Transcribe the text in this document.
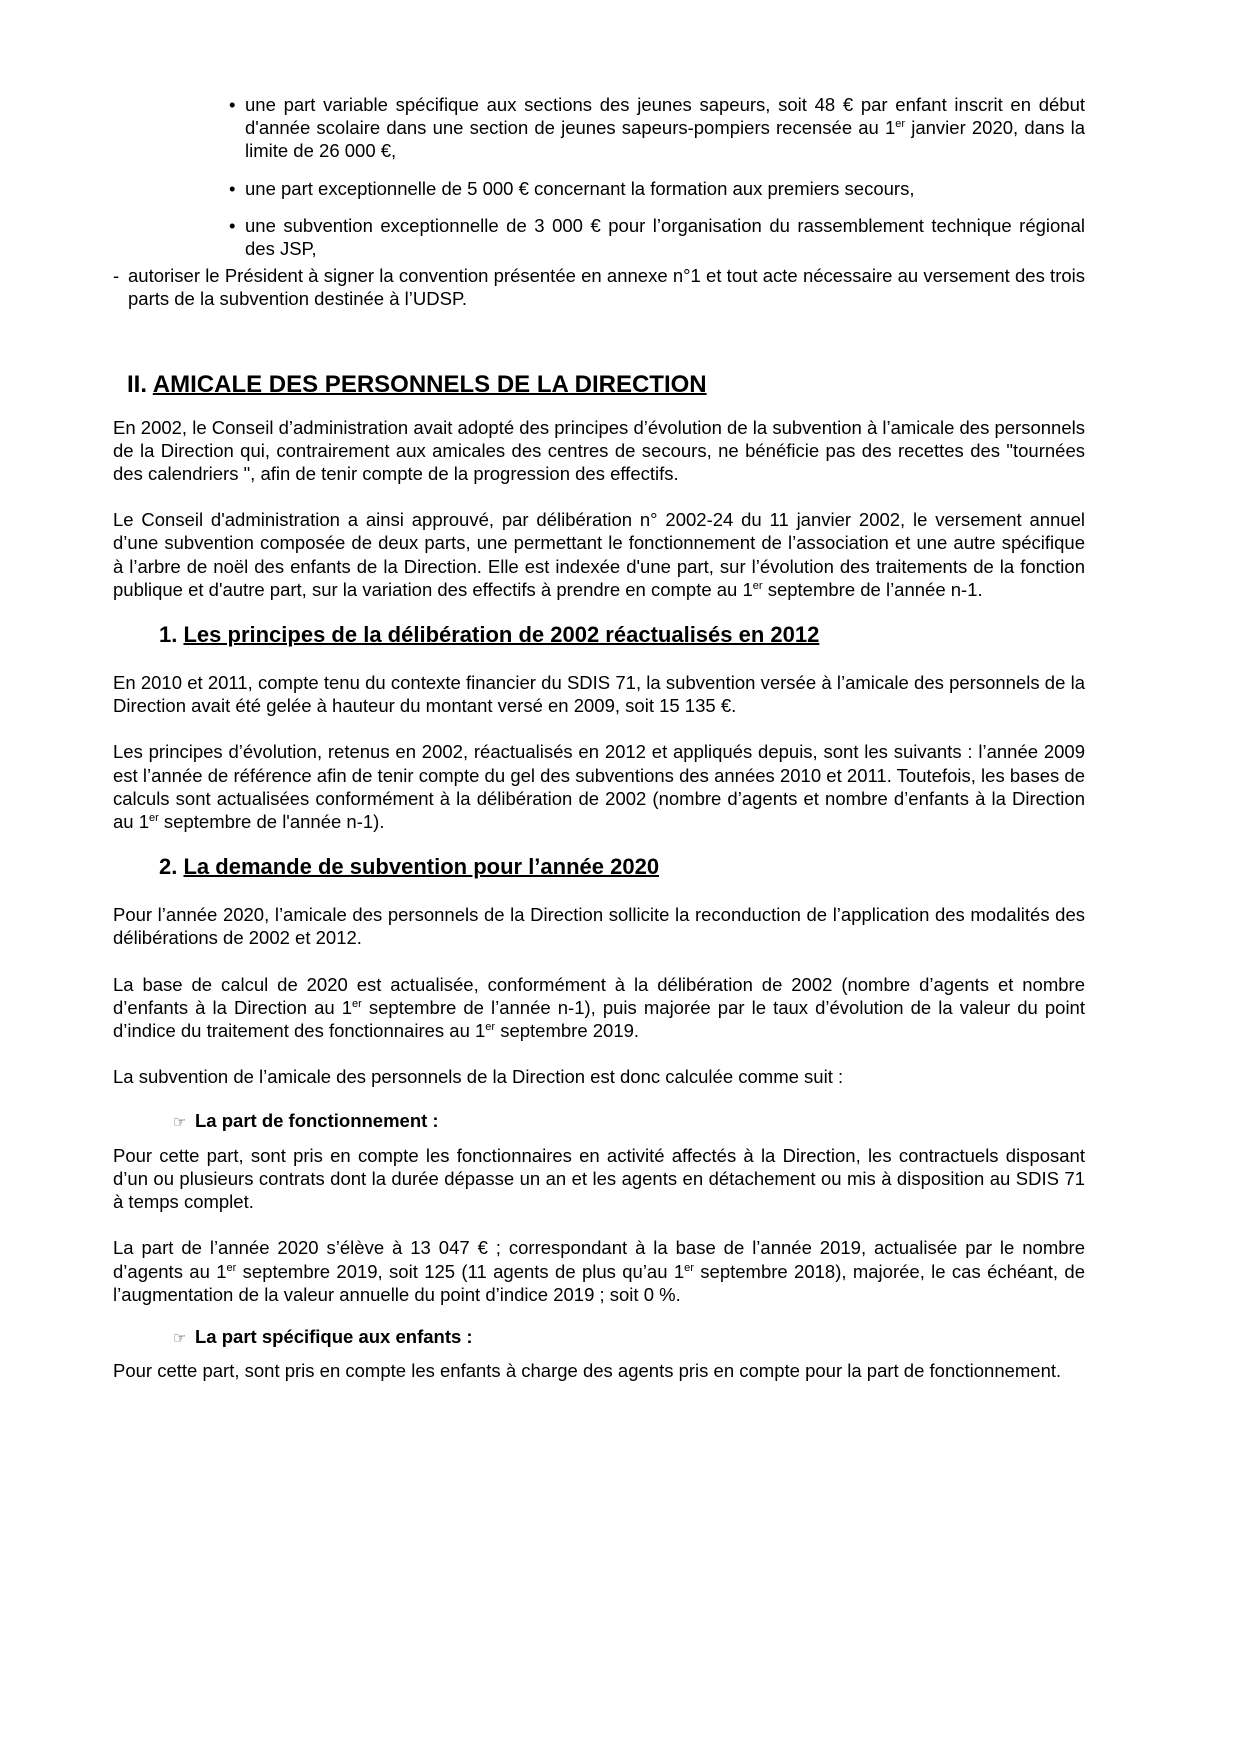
• une part variable spécifique aux sections des jeunes sapeurs, soit 48 € par enfant inscrit en début d'année scolaire dans une section de jeunes sapeurs-pompiers recensée au 1er janvier 2020, dans la limite de 26 000 €,
• une part exceptionnelle de 5 000 € concernant la formation aux premiers secours,
• une subvention exceptionnelle de 3 000 € pour l’organisation du rassemblement technique régional des JSP,
- autoriser le Président à signer la convention présentée en annexe n°1 et tout acte nécessaire au versement des trois parts de la subvention destinée à l’UDSP.
II. AMICALE DES PERSONNELS DE LA DIRECTION

En 2002, le Conseil d’administration avait adopté des principes d’évolution de la subvention à l’amicale des personnels de la Direction qui, contrairement aux amicales des centres de secours, ne bénéficie pas des recettes des "tournées des calendriers ", afin de tenir compte de la progression des effectifs.

Le Conseil d'administration a ainsi approuvé, par délibération n° 2002-24 du 11 janvier 2002, le versement annuel d’une subvention composée de deux parts, une permettant le fonctionnement de l’association et une autre spécifique à l’arbre de noël des enfants de la Direction. Elle est indexée d'une part, sur l’évolution des traitements de la fonction publique et d'autre part, sur la variation des effectifs à prendre en compte au 1er septembre de l’année n-1.

1. Les principes de la délibération de 2002 réactualisés en 2012

En 2010 et 2011, compte tenu du contexte financier du SDIS 71, la subvention versée à l’amicale des personnels de la Direction avait été gelée à hauteur du montant versé en 2009, soit 15 135 €.

Les principes d’évolution, retenus en 2002, réactualisés en 2012 et appliqués depuis, sont les suivants : l’année 2009 est l’année de référence afin de tenir compte du gel des subventions des années 2010 et 2011. Toutefois, les bases de calculs sont actualisées conformément à la délibération de 2002 (nombre d’agents et nombre d’enfants à la Direction au 1er septembre de l'année n-1).

2. La demande de subvention pour l’année 2020

Pour l’année 2020, l’amicale des personnels de la Direction sollicite la reconduction de l’application des modalités des délibérations de 2002 et 2012.

La base de calcul de 2020 est actualisée, conformément à la délibération de 2002 (nombre d’agents et nombre d’enfants à la Direction au 1er septembre de l’année n-1), puis majorée par le taux d’évolution de la valeur du point d’indice du traitement des fonctionnaires au 1er septembre 2019.

La subvention de l’amicale des personnels de la Direction est donc calculée comme suit :

☞ La part de fonctionnement :

Pour cette part, sont pris en compte les fonctionnaires en activité affectés à la Direction, les contractuels disposant d’un ou plusieurs contrats dont la durée dépasse un an et les agents en détachement ou mis à disposition au SDIS 71 à temps complet.

La part de l’année 2020 s’élève à 13 047 € ; correspondant à la base de l’année 2019, actualisée par le nombre d’agents au 1er septembre 2019, soit 125 (11 agents de plus qu’au 1er septembre 2018), majorée, le cas échéant, de l’augmentation de la valeur annuelle du point d’indice 2019 ; soit 0 %.

☞ La part spécifique aux enfants :

Pour cette part, sont pris en compte les enfants à charge des agents pris en compte pour la part de fonctionnement.
